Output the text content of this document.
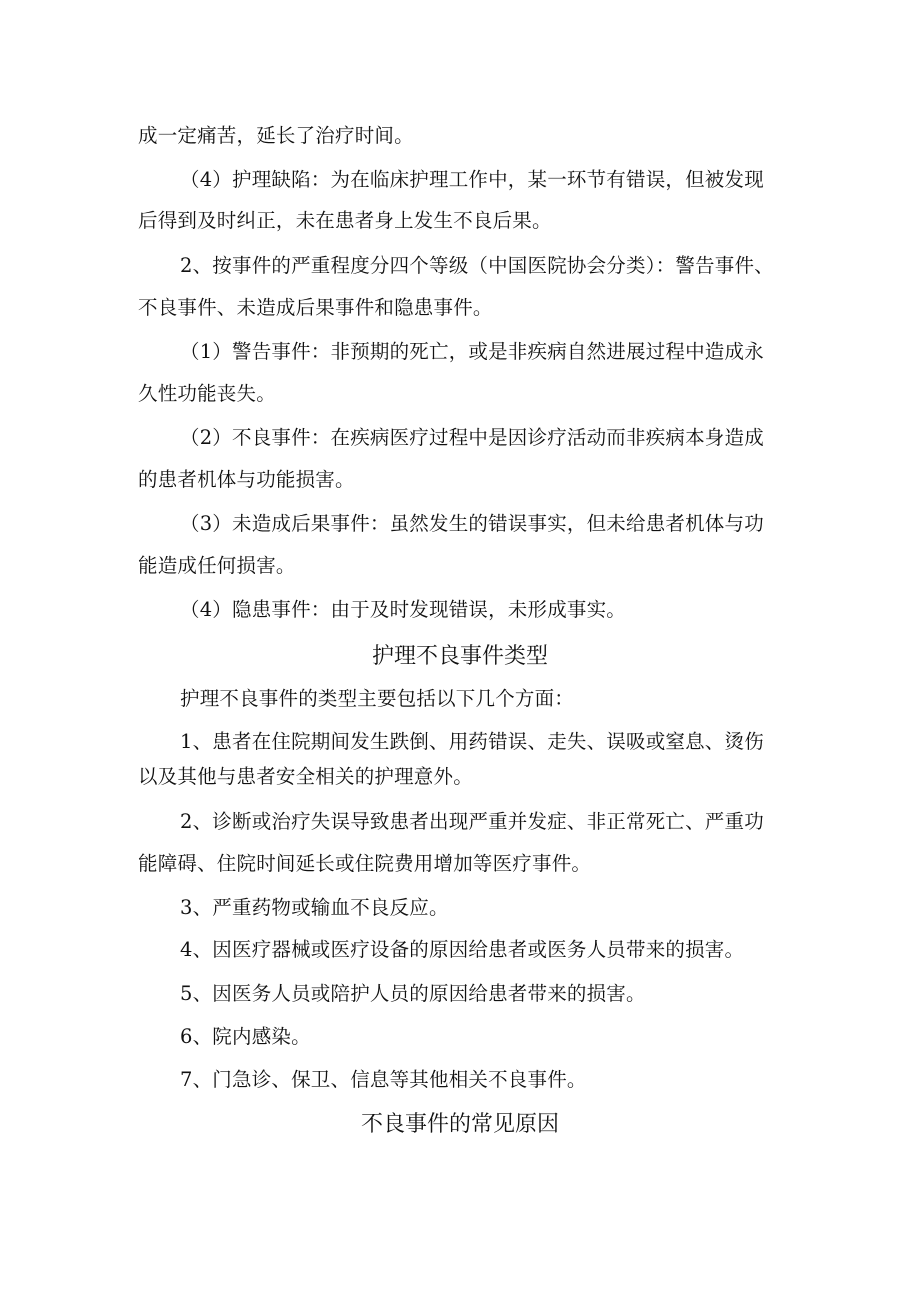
成一定痛苦，延长了治疗时间。
（4）护理缺陷：为在临床护理工作中，某一环节有错误，但被发现
后得到及时纠正，未在患者身上发生不良后果。
2、按事件的严重程度分四个等级（中国医院协会分类）：警告事件、
不良事件、未造成后果事件和隐患事件。
（1）警告事件：非预期的死亡，或是非疾病自然进展过程中造成永
久性功能丧失。
（2）不良事件：在疾病医疗过程中是因诊疗活动而非疾病本身造成
的患者机体与功能损害。
（3）未造成后果事件：虽然发生的错误事实，但未给患者机体与功
能造成任何损害。
（4）隐患事件：由于及时发现错误，未形成事实。
护理不良事件类型
护理不良事件的类型主要包括以下几个方面：
1、患者在住院期间发生跌倒、用药错误、走失、误吸或窒息、烫伤
以及其他与患者安全相关的护理意外。
2、诊断或治疗失误导致患者出现严重并发症、非正常死亡、严重功
能障碍、住院时间延长或住院费用增加等医疗事件。
3、严重药物或输血不良反应。
4、因医疗器械或医疗设备的原因给患者或医务人员带来的损害。
5、因医务人员或陪护人员的原因给患者带来的损害。
6、院内感染。
7、门急诊、保卫、信息等其他相关不良事件。
不良事件的常见原因
